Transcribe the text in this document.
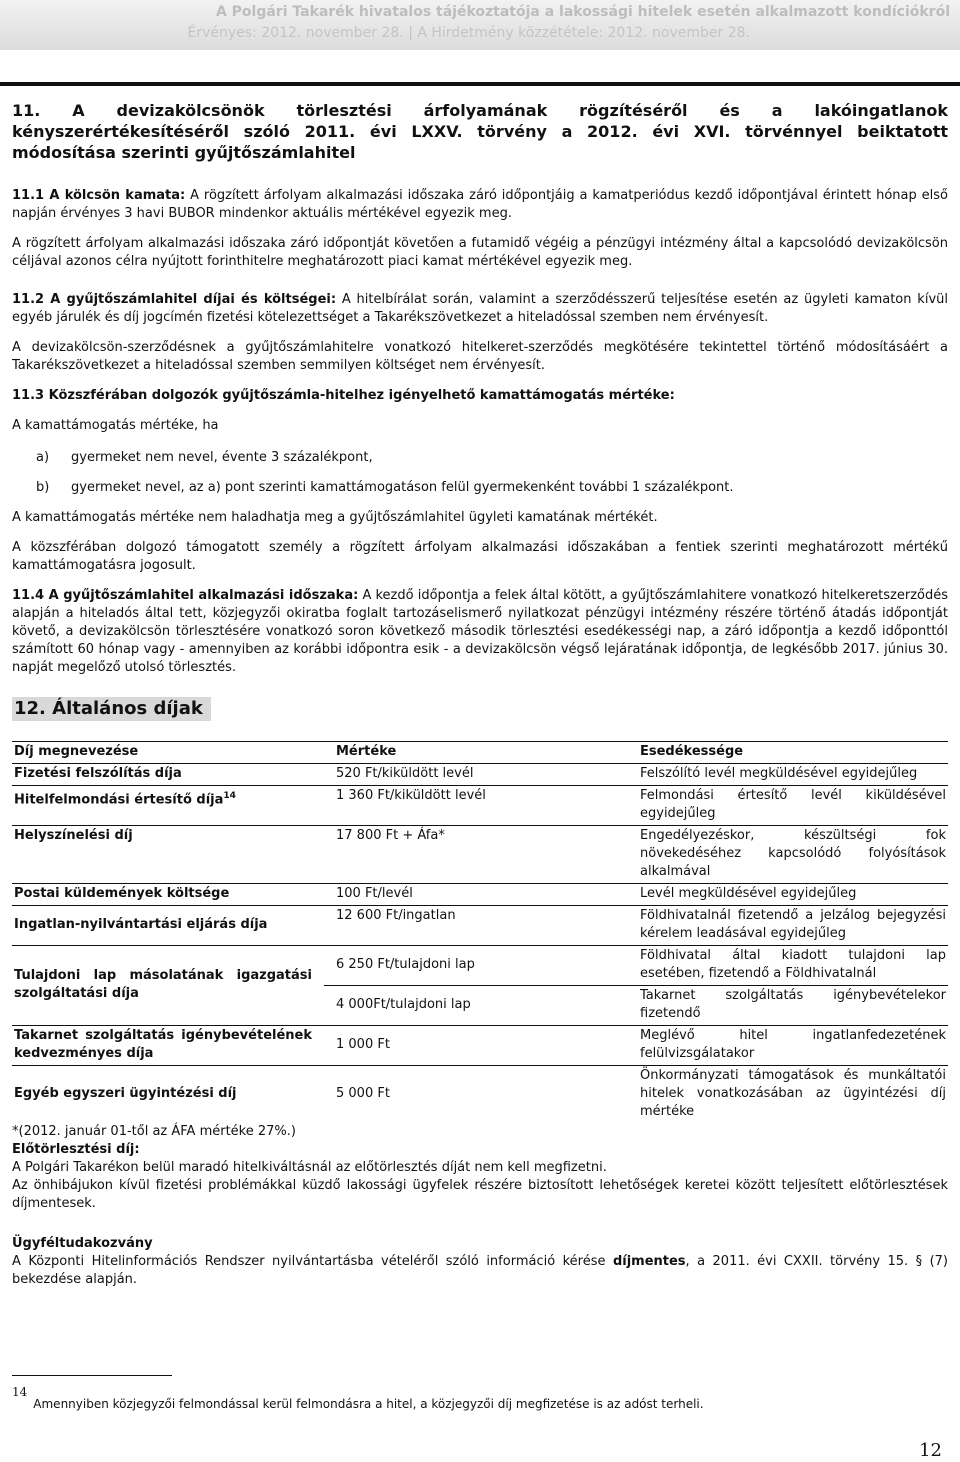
A Polgári Takarék hivatalos tájékoztatója a lakossági hitelek esetén alkalmazott kondíciókról
Érvényes: 2012. november 28. | A Hirdetmény közzététele: 2012. november 28.
11. A devizakölcsönök törlesztési árfolyamának rögzítéséről és a lakóingatlanok kényszerértékesítéséről szóló 2011. évi LXXV. törvény a 2012. évi XVI. törvénnyel beiktatott módosítása szerinti gyűjtőszámlahitel

11.1 A kölcsön kamata: A rögzített árfolyam alkalmazási időszaka záró időpontjáig a kamatperiódus kezdő időpontjával érintett hónap első napján érvényes 3 havi BUBOR mindenkor aktuális mértékével egyezik meg.

A rögzített árfolyam alkalmazási időszaka záró időpontját követően a futamidő végéig a pénzügyi intézmény által a kapcsolódó devizakölcsön céljával azonos célra nyújtott forinthitelre meghatározott piaci kamat mértékével egyezik meg.

11.2 A gyűjtőszámlahitel díjai és költségei: A hitelbírálat során, valamint a szerződésszerű teljesítése esetén az ügyleti kamaton kívül egyéb járulék és díj jogcímén fizetési kötelezettséget a Takarékszövetkezet a hiteladóssal szemben nem érvényesít.

A devizakölcsön-szerződésnek a gyűjtőszámlahitelre vonatkozó hitelkeret-szerződés megkötésére tekintettel történő módosításáért a Takarékszövetkezet a hiteladóssal szemben semmilyen költséget nem érvényesít.

11.3 Közszférában dolgozók gyűjtőszámla-hitelhez igényelhető kamattámogatás mértéke:

A kamattámogatás mértéke, ha

a)	gyermeket nem nevel, évente 3 százalékpont,
b)	gyermeket nevel, az a) pont szerinti kamattámogatáson felül gyermekenként további 1 százalékpont.

A kamattámogatás mértéke nem haladhatja meg a gyűjtőszámlahitel ügyleti kamatának mértékét.

A közszférában dolgozó támogatott személy a rögzített árfolyam alkalmazási időszakában a fentiek szerinti meghatározott mértékű kamattámogatásra jogosult.

11.4 A gyűjtőszámlahitel alkalmazási időszaka: A kezdő időpontja a felek által kötött, a gyűjtőszámlahitere vonatkozó hitelkeretszerződés alapján a hiteladós által tett, közjegyzői okiratba foglalt tartozáselismerő nyilatkozat pénzügyi intézmény részére történő átadás időpontját követő, a devizakölcsön törlesztésére vonatkozó soron következő második törlesztési esedékességi nap, a záró időpontja a kezdő időponttól számított 60 hónap vagy - amennyiben az korábbi időpontra esik - a devizakölcsön végső lejáratának időpontja, de legkésőbb 2017. június 30. napját megelőző utolsó törlesztés.

12. Általános díjak
Díj megnevezése	Mértéke	Esedékessége
Fizetési felszólítás díja	520 Ft/kiküldött levél	Felszólító levél megküldésével egyidejűleg
Hitelfelmondási értesítő díja$^{14}$	1 360 Ft/kiküldött levél	Felmondási értesítő levél kiküldésével egyidejűleg
Helyszínelési díj	17 800 Ft + Áfa*	Engedélyezéskor, készültségi fok növekedéséhez kapcsolódó folyósítások alkalmával
Postai küldemények költsége	100 Ft/levél	Levél megküldésével egyidejűleg
Ingatlan-nyilvántartási eljárás díja	12 600 Ft/ingatlan	Földhivatalnál fizetendő a jelzálog bejegyzési kérelem leadásával egyidejűleg
Tulajdoni lap másolatának igazgatási szolgáltatási díja	6 250 Ft/tulajdoni lap	Földhivatal által kiadott tulajdoni lap esetében, fizetendő a Földhivatalnál
	4 000Ft/tulajdoni lap	Takarnet szolgáltatás igénybevételekor fizetendő
Takarnet szolgáltatás igénybevételének kedvezményes díja	1 000 Ft	Meglévő hitel ingatlanfedezetének felülvizsgálatakor
Egyéb egyszeri ügyintézési díj	5 000 Ft	Önkormányzati támogatások és munkáltatói hitelek vonatkozásában az ügyintézési díj mértéke

*(2012. január 01-től az ÁFA mértéke 27%.)

Előtörlesztési díj:

A Polgári Takarékon belül maradó hitelkiváltásnál az előtörlesztés díját nem kell megfizetni.

Az önhibájukon kívül fizetési problémákkal küzdő lakossági ügyfelek részére biztosított lehetőségek keretei között teljesített előtörlesztések díjmentesek.

Ügyféltudakozvány

A Központi Hitelinformációs Rendszer nyilvántartásba vételéről szóló információ kérése díjmentes, a 2011. évi CXXII. törvény 15. § (7) bekezdése alapján.

$^{14}$Amennyiben közjegyzői felmondással kerül felmondásra a hitel, a közjegyzői díj megfizetése is az adóst terheli.
12
